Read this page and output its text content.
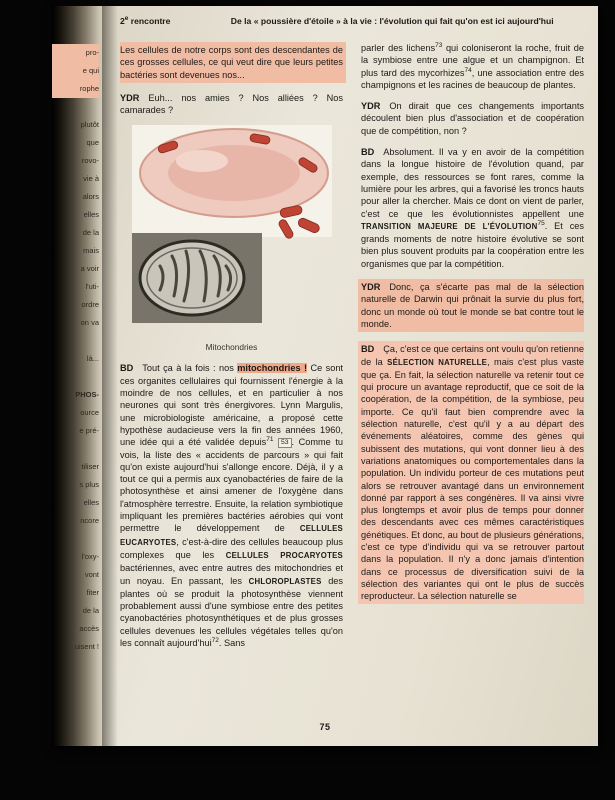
pro-
e qui
rophe

plutôt
que
rovo-
vie à
alors
elles
de la
mais
a voir
l'uti-
ordre
on va

là...

PHOS-
ource
e pré-

tiliser
s plus
elles
ncore

l'oxy-
vont
fiter
de la
accès
uisent !
2e rencontre	De la « poussière d'étoile » à la vie : l'évolution qui fait qu'on est ici aujourd'hui

Les cellules de notre corps sont des descendantes de ces grosses cellules, ce qui veut dire que leurs petites bactéries sont devenues nos...

YDR Euh... nos amies ? Nos alliées ? Nos camarades ?

Mitochondries

BD Tout ça à la fois : nos mitochondries ! Ce sont ces organites cellulaires qui fournissent l'énergie à la moindre de nos cellules, et en particulier à nos neurones qui sont très énergivores. Lynn Margulis, une microbiologiste américaine, a proposé cette hypothèse audacieuse vers la fin des années 1960, une idée qui a été validée depuis$^{71}$ 53 . Comme tu vois, la liste des « accidents de parcours » qui fait qu'on existe aujourd'hui s'allonge encore. Déjà, il y a tout ce qui a permis aux cyanobactéries de faire de la photosynthèse et ainsi amener de l'oxygène dans l'atmosphère terrestre. Ensuite, la relation symbiotique impliquant les premières bactéries aérobies qui vont permettre le développement de CELLULES EUCARYOTES, c'est-à-dire des cellules beaucoup plus complexes que les CELLULES PROCARYOTES bactériennes, avec entre autres des mitochondries et un noyau. En passant, les CHLOROPLASTES des plantes où se produit la photosynthèse viennent probablement aussi d'une symbiose entre des petites cyanobactéries photosynthétiques et de plus grosses cellules devenues les cellules végétales telles qu'on les connaît aujourd'hui$^{72}$. Sans

parler des lichens$^{73}$ qui coloniseront la roche, fruit de la symbiose entre une algue et un champignon. Et plus tard des mycorhizes$^{74}$, une association entre des champignons et les racines de beaucoup de plantes.

YDR On dirait que ces changements importants découlent bien plus d'association et de coopération que de compétition, non ?

BD Absolument. Il va y en avoir de la compétition dans la longue histoire de l'évolution quand, par exemple, des ressources se font rares, comme la lumière pour les arbres, qui a favorisé les troncs hauts pour aller la chercher. Mais ce dont on vient de parler, c'est ce que les évolutionnistes appellent une TRANSITION MAJEURE DE L'ÉVOLUTION$^{75}$. Et ces grands moments de notre histoire évolutive se sont bien plus souvent produits par la coopération entre les organismes que par la compétition.

YDR Donc, ça s'écarte pas mal de la sélection naturelle de Darwin qui prônait la survie du plus fort, donc un monde où tout le monde se bat contre tout le monde.

BD Ça, c'est ce que certains ont voulu qu'on retienne de la SÉLECTION NATURELLE, mais c'est plus vaste que ça. En fait, la sélection naturelle va retenir tout ce qui procure un avantage reproductif, que ce soit de la coopération, de la compétition, de la symbiose, peu importe. Ce qu'il faut bien comprendre avec la sélection naturelle, c'est qu'il y a au départ des événements aléatoires, comme des gènes qui subissent des mutations, qui vont donner lieu à des variations anatomiques ou comportementales dans la population. Un individu porteur de ces mutations peut alors se retrouver avantagé dans un environnement donné par rapport à ses congénères. Il va ainsi vivre plus longtemps et avoir plus de temps pour donner des descendants avec ces mêmes caractéristiques génétiques. Et donc, au bout de plusieurs générations, c'est ce type d'individu qui va se retrouver partout dans la population. Il n'y a donc jamais d'intention dans ce processus de diversification suivi de la sélection des variantes qui ont le plus de succès reproducteur. La sélection naturelle se

75
